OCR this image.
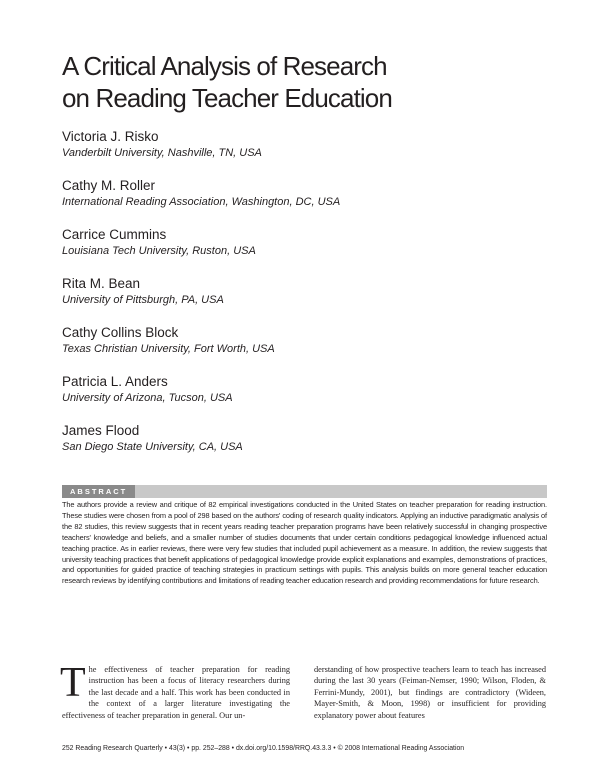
A Critical Analysis of Research
on Reading Teacher Education
Victoria J. Risko
Vanderbilt University, Nashville, TN, USA
Cathy M. Roller
International Reading Association, Washington, DC, USA
Carrice Cummins
Louisiana Tech University, Ruston, USA
Rita M. Bean
University of Pittsburgh, PA, USA
Cathy Collins Block
Texas Christian University, Fort Worth, USA
Patricia L. Anders
University of Arizona, Tucson, USA
James Flood
San Diego State University, CA, USA
ABSTRACT

The authors provide a review and critique of 82 empirical investigations conducted in the United States on teacher preparation for reading instruction. These studies were chosen from a pool of 298 based on the authors' coding of research quality indicators. Applying an inductive paradigmatic analysis of the 82 studies, this review suggests that in recent years reading teacher preparation programs have been relatively successful in changing prospective teachers' knowledge and beliefs, and a smaller number of studies documents that under certain conditions pedagogical knowledge influenced actual teaching practice. As in earlier reviews, there were very few studies that included pupil achievement as a measure. In addition, the review suggests that university teaching practices that benefit applications of pedagogical knowledge provide explicit explanations and examples, demonstrations of practices, and opportunities for guided practice of teaching strategies in practicum settings with pupils. This analysis builds on more general teacher education research reviews by identifying contributions and limitations of reading teacher education research and providing recommendations for future research.

The effectiveness of teacher preparation for reading instruction has been a focus of literacy researchers during the last decade and a half. This work has been conducted in the context of a larger literature investigating the effectiveness of teacher preparation in general. Our un-

derstanding of how prospective teachers learn to teach has increased during the last 30 years (Feiman-Nemser, 1990; Wilson, Floden, & Ferrini-Mundy, 2001), but findings are contradictory (Wideen, Mayer-Smith, & Moon, 1998) or insufficient for providing explanatory power about features

252 Reading Research Quarterly • 43(3) • pp. 252–288 • dx.doi.org/10.1598/RRQ.43.3.3 • © 2008 International Reading Association
